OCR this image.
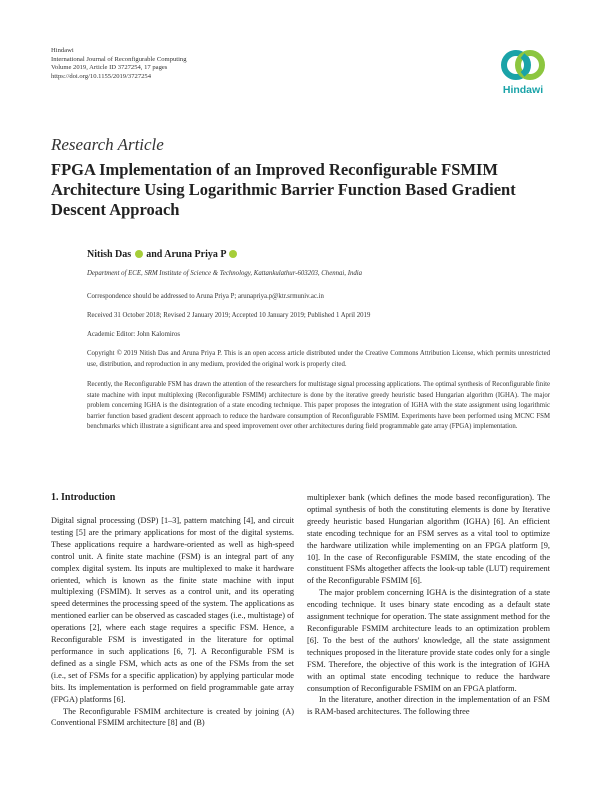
Hindawi
International Journal of Reconfigurable Computing
Volume 2019, Article ID 3727254, 17 pages
https://doi.org/10.1155/2019/3727254
Hindawi
Research Article
FPGA Implementation of an Improved Reconfigurable FSMIM Architecture Using Logarithmic Barrier Function Based Gradient Descent Approach
Nitish Das and Aruna Priya P
Department of ECE, SRM Institute of Science & Technology, Kattankulathur-603203, Chennai, India
Correspondence should be addressed to Aruna Priya P; arunapriya.p@ktr.srmuniv.ac.in
Received 31 October 2018; Revised 2 January 2019; Accepted 10 January 2019; Published 1 April 2019
Academic Editor: John Kalomiros
Copyright © 2019 Nitish Das and Aruna Priya P. This is an open access article distributed under the Creative Commons Attribution License, which permits unrestricted use, distribution, and reproduction in any medium, provided the original work is properly cited.
Recently, the Reconfigurable FSM has drawn the attention of the researchers for multistage signal processing applications. The optimal synthesis of Reconfigurable finite state machine with input multiplexing (Reconfigurable FSMIM) architecture is done by the iterative greedy heuristic based Hungarian algorithm (IGHA). The major problem concerning IGHA is the disintegration of a state encoding technique. This paper proposes the integration of IGHA with the state assignment using logarithmic barrier function based gradient descent approach to reduce the hardware consumption of Reconfigurable FSMIM. Experiments have been performed using MCNC FSM benchmarks which illustrate a significant area and speed improvement over other architectures during field programmable gate array (FPGA) implementation.
1. Introduction

Digital signal processing (DSP) [1–3], pattern matching [4], and circuit testing [5] are the primary applications for most of the digital systems. These applications require a hardware-oriented as well as high-speed control unit. A finite state machine (FSM) is an integral part of any complex digital system. Its inputs are multiplexed to make it hardware oriented, which is known as the finite state machine with input multiplexing (FSMIM). It serves as a control unit, and its operating speed determines the processing speed of the system. The applications as mentioned earlier can be observed as cascaded stages (i.e., multistage) of operations [2], where each stage requires a specific FSM. Hence, a Reconfigurable FSM is investigated in the literature for optimal performance in such applications [6, 7]. A Reconfigurable FSM is defined as a single FSM, which acts as one of the FSMs from the set (i.e., set of FSMs for a specific application) by applying particular mode bits. Its implementation is performed on field programmable gate array (FPGA) platforms [6].

The Reconfigurable FSMIM architecture is created by joining (A) Conventional FSMIM architecture [8] and (B)

multiplexer bank (which defines the mode based reconfiguration). The optimal synthesis of both the constituting elements is done by Iterative greedy heuristic based Hungarian algorithm (IGHA) [6]. An efficient state encoding technique for an FSM serves as a vital tool to optimize the hardware utilization while implementing on an FPGA platform [9, 10]. In the case of Reconfigurable FSMIM, the state encoding of the constituent FSMs altogether affects the look-up table (LUT) requirement of the Reconfigurable FSMIM [6].

The major problem concerning IGHA is the disintegration of a state encoding technique. It uses binary state encoding as a default state assignment technique for operation. The state assignment method for the Reconfigurable FSMIM architecture leads to an optimization problem [6]. To the best of the authors' knowledge, all the state assignment techniques proposed in the literature provide state codes only for a single FSM. Therefore, the objective of this work is the integration of IGHA with an optimal state encoding technique to reduce the hardware consumption of Reconfigurable FSMIM on an FPGA platform.

In the literature, another direction in the implementation of an FSM is RAM-based architectures. The following three
